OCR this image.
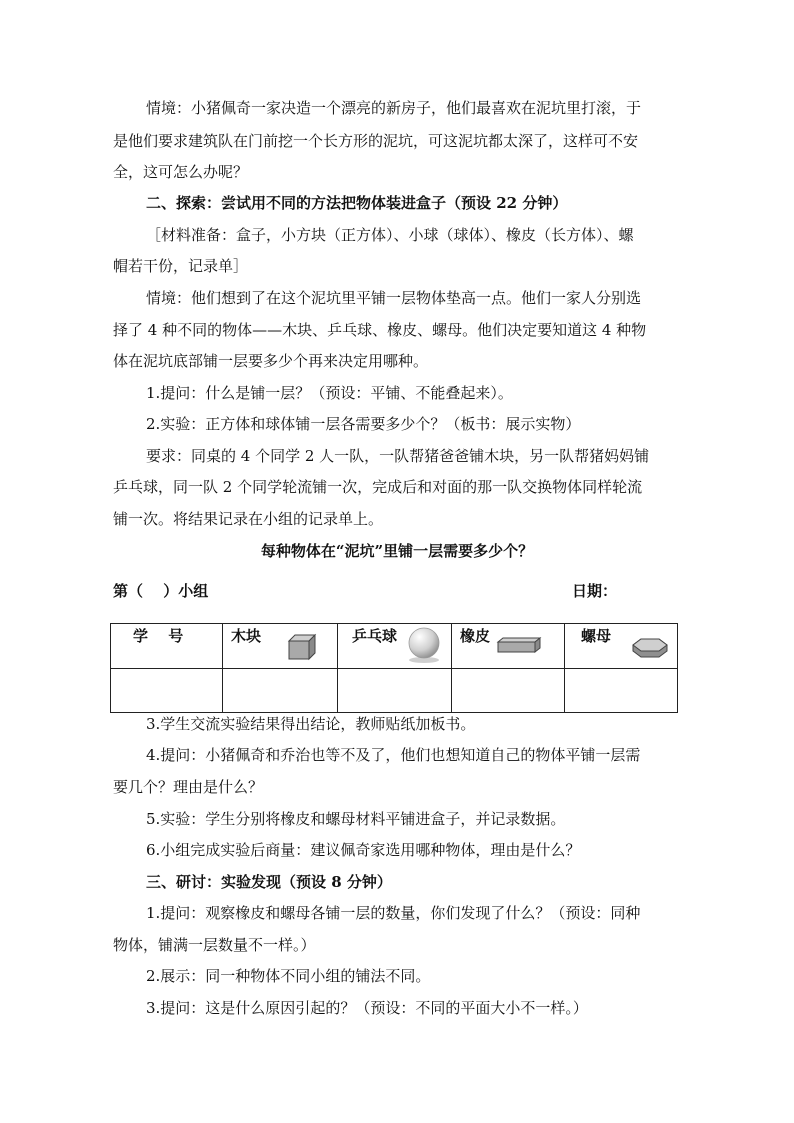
情境：小猪佩奇一家决造一个漂亮的新房子，他们最喜欢在泥坑里打滚，于
是他们要求建筑队在门前挖一个长方形的泥坑，可这泥坑都太深了，这样可不安
全，这可怎么办呢？
二、探索：尝试用不同的方法把物体装进盒子（预设 22 分钟）
［材料准备：盒子，小方块（正方体）、小球（球体）、橡皮（长方体）、螺
帽若干份，记录单］
情境：他们想到了在这个泥坑里平铺一层物体垫高一点。他们一家人分别选
择了 4 种不同的物体——木块、乒乓球、橡皮、螺母。他们决定要知道这 4 种物
体在泥坑底部铺一层要多少个再来决定用哪种。
1.提问：什么是铺一层？（预设：平铺、不能叠起来）。
2.实验：正方体和球体铺一层各需要多少个？（板书：展示实物）
要求：同桌的 4 个同学 2 人一队，一队帮猪爸爸铺木块，另一队帮猪妈妈铺
乒乓球，同一队 2 个同学轮流铺一次，完成后和对面的那一队交换物体同样轮流
铺一次。将结果记录在小组的记录单上。
每种物体在“泥坑”里铺一层需要多少个？
第（　 ）小组	日期：
学　 号	木块	乒乓球	橡皮	螺母

3.学生交流实验结果得出结论，教师贴纸加板书。
4.提问：小猪佩奇和乔治也等不及了，他们也想知道自己的物体平铺一层需
要几个？理由是什么？
5.实验：学生分别将橡皮和螺母材料平铺进盒子，并记录数据。
6.小组完成实验后商量：建议佩奇家选用哪种物体，理由是什么？
三、研讨：实验发现（预设 8 分钟）
1.提问：观察橡皮和螺母各铺一层的数量，你们发现了什么？（预设：同种
物体，铺满一层数量不一样。）
2.展示：同一种物体不同小组的铺法不同。
3.提问：这是什么原因引起的？（预设：不同的平面大小不一样。）
